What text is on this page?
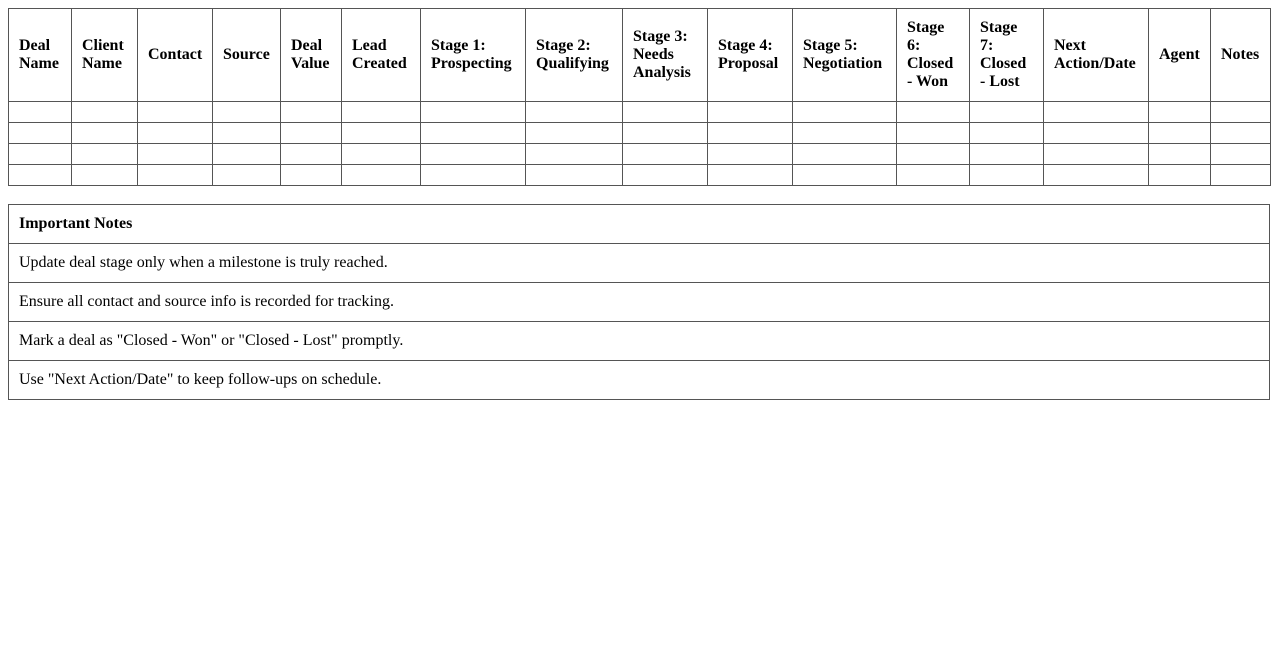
Deal Name	Client Name	Contact	Source	Deal Value	Lead Created	Stage 1: Prospecting	Stage 2: Qualifying	Stage 3: Needs Analysis	Stage 4: Proposal	Stage 5: Negotiation	Stage 6: Closed - Won	Stage 7: Closed - Lost	Next Action/Date	Agent	Notes

Important Notes
Update deal stage only when a milestone is truly reached.
Ensure all contact and source info is recorded for tracking.
Mark a deal as "Closed - Won" or "Closed - Lost" promptly.
Use "Next Action/Date" to keep follow-ups on schedule.
